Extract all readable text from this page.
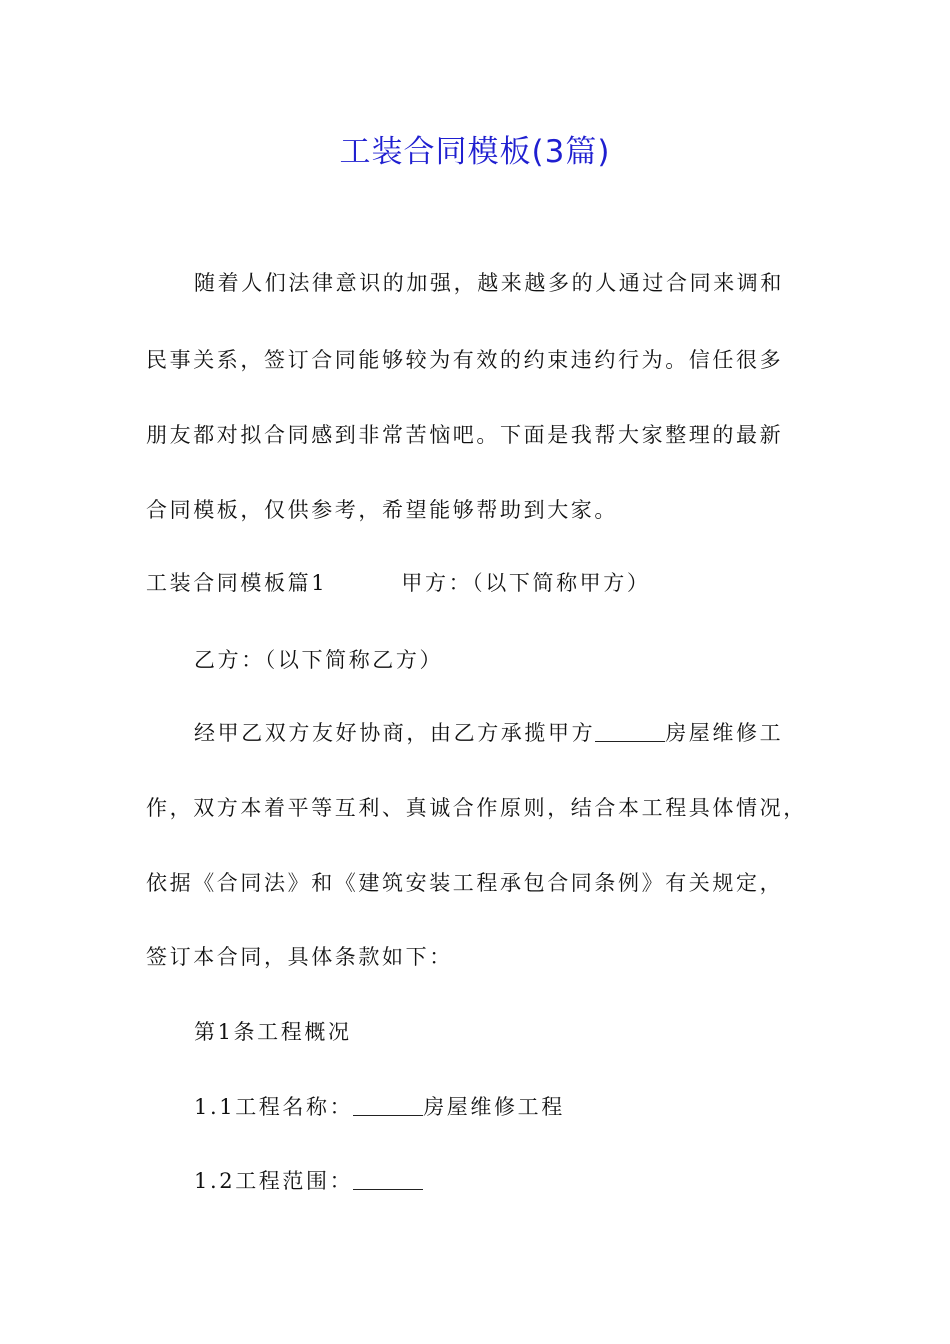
工装合同模板(3篇)
随着人们法律意识的加强，越来越多的人通过合同来调和
民事关系，签订合同能够较为有效的约束违约行为。信任很多
朋友都对拟合同感到非常苦恼吧。下面是我帮大家整理的最新
合同模板，仅供参考，希望能够帮助到大家。
工装合同模板篇1	甲方：（以下简称甲方）
乙方：（以下简称乙方）
经甲乙双方友好协商，由乙方承揽甲方	房屋维修工
作，双方本着平等互利、真诚合作原则，结合本工程具体情况，
依据《合同法》和《建筑安装工程承包合同条例》有关规定，
签订本合同，具体条款如下：
第1条工程概况
1.1工程名称：	房屋维修工程
1.2工程范围：
